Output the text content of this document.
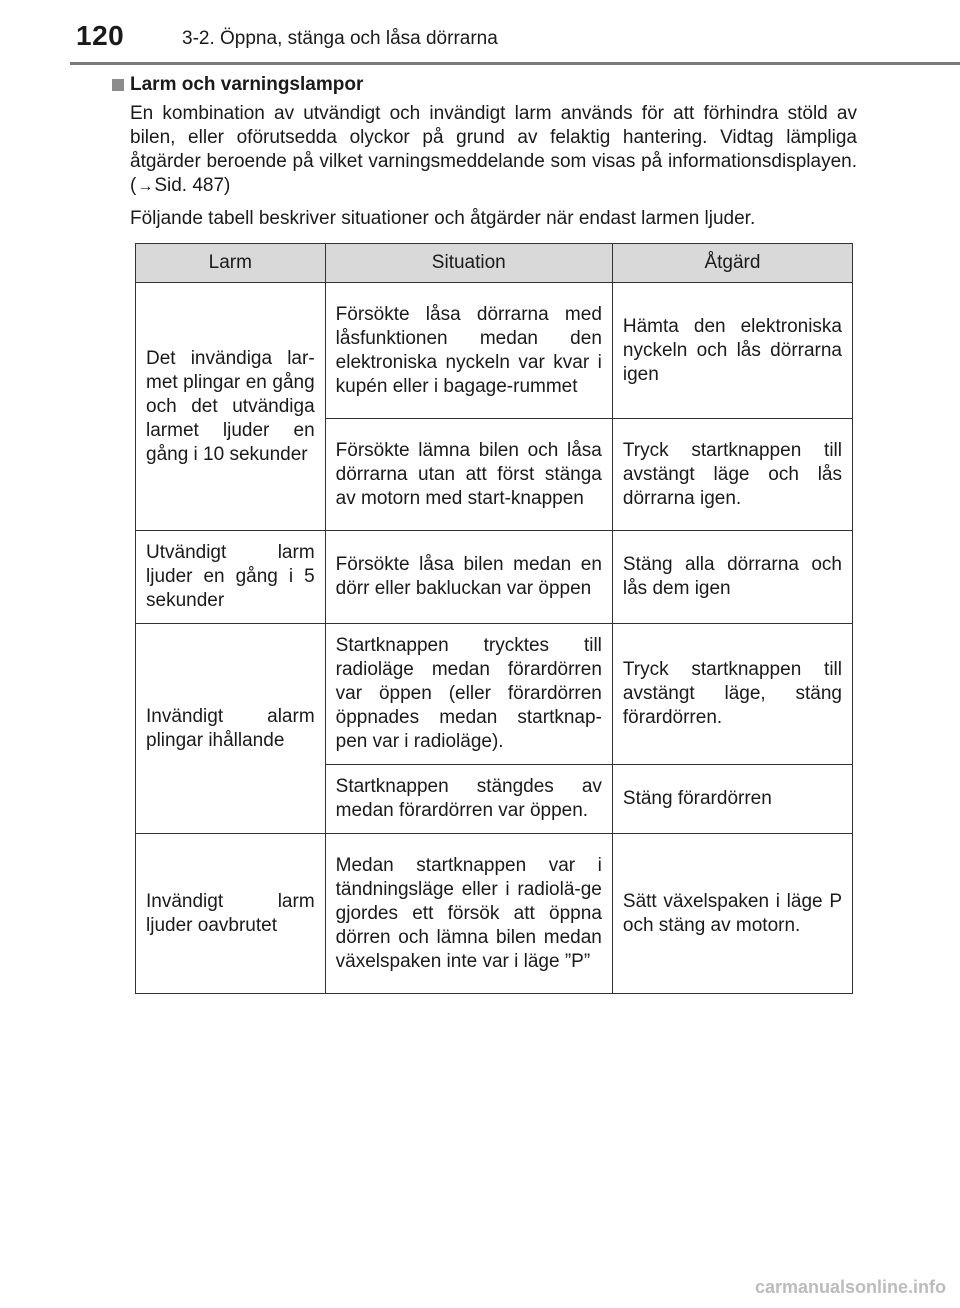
120	3-2. Öppna, stänga och låsa dörrarna
Larm och varningslampor

En kombination av utvändigt och invändigt larm används för att förhindra stöld av bilen, eller oförutsedda olyckor på grund av felaktig hantering. Vidtag lämpliga åtgärder beroende på vilket varningsmeddelande som visas på informationsdisplayen. (→Sid. 487)

Följande tabell beskriver situationer och åtgärder när endast larmen ljuder.

Larm	Situation	Åtgärd
Det invändiga lar-met plingar en gång och det utvändiga larmet ljuder en gång i 10 sekunder	Försökte låsa dörrarna med låsfunktionen medan den elektroniska nyckeln var kvar i kupén eller i bagage-rummet	Hämta den elektroniska nyckeln och lås dörrarna igen
	Försökte lämna bilen och låsa dörrarna utan att först stänga av motorn med start-knappen	Tryck startknappen till avstängt läge och lås dörrarna igen.
Utvändigt larm ljuder en gång i 5 sekunder	Försökte låsa bilen medan en dörr eller bakluckan var öppen	Stäng alla dörrarna och lås dem igen
Invändigt alarm plingar ihållande	Startknappen trycktes till radioläge medan förardörren var öppen (eller förardörren öppnades medan startknap-pen var i radioläge).	Tryck startknappen till avstängt läge, stäng förardörren.
	Startknappen stängdes av medan förardörren var öppen.	Stäng förardörren
Invändigt larm ljuder oavbrutet	Medan startknappen var i tändningsläge eller i radiolä-ge gjordes ett försök att öppna dörren och lämna bilen medan växelspaken inte var i läge ”P”	Sätt växelspaken i läge P och stäng av motorn.
carmanualsonline.info
